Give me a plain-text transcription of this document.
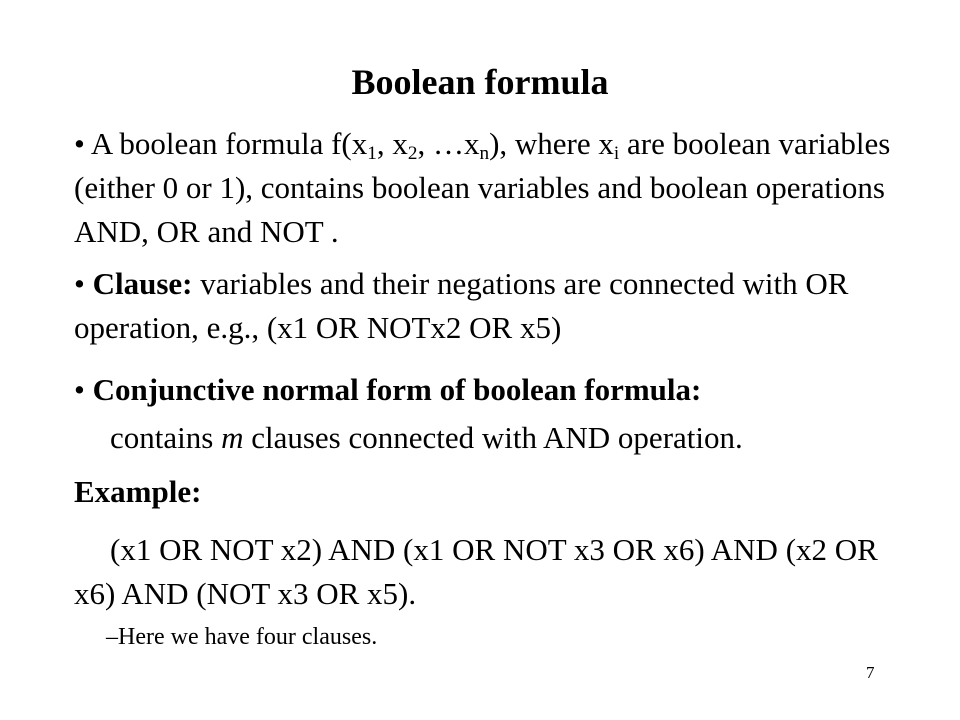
Boolean formula

• A boolean formula $f(x_1$, $x_2$, $\dots x_n$), where $x_i$ are boolean variables (either 0 or 1), contains boolean variables and boolean operations AND, OR and NOT .

• Clause: variables and their negations are connected with OR operation, e.g., (x1 OR NOTx2 OR x5)

• Conjunctive normal form of boolean formula:

contains m clauses connected with AND operation.

Example:

(x1 OR NOT x2) AND (x1 OR NOT x3 OR x6) AND (x2 OR x6) AND (NOT x3 OR x5).

–Here we have four clauses.

7
